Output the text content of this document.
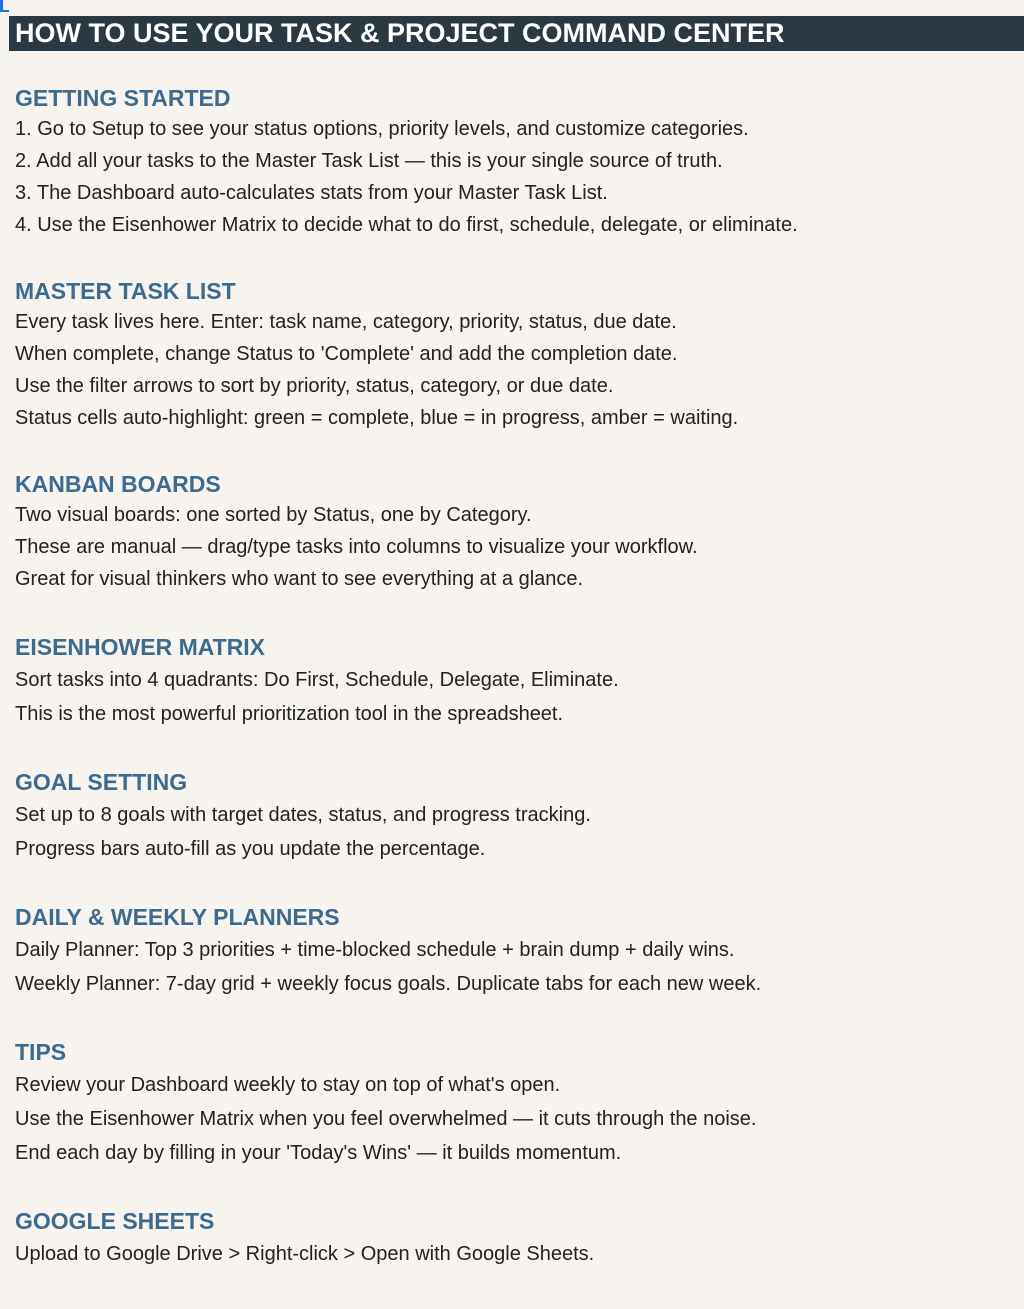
HOW TO USE YOUR TASK & PROJECT COMMAND CENTER
GETTING STARTED
1. Go to Setup to see your status options, priority levels, and customize categories.
2. Add all your tasks to the Master Task List — this is your single source of truth.
3. The Dashboard auto-calculates stats from your Master Task List.
4. Use the Eisenhower Matrix to decide what to do first, schedule, delegate, or eliminate.
MASTER TASK LIST
Every task lives here. Enter: task name, category, priority, status, due date.
When complete, change Status to 'Complete' and add the completion date.
Use the filter arrows to sort by priority, status, category, or due date.
Status cells auto-highlight: green = complete, blue = in progress, amber = waiting.
KANBAN BOARDS
Two visual boards: one sorted by Status, one by Category.
These are manual — drag/type tasks into columns to visualize your workflow.
Great for visual thinkers who want to see everything at a glance.
EISENHOWER MATRIX
Sort tasks into 4 quadrants: Do First, Schedule, Delegate, Eliminate.
This is the most powerful prioritization tool in the spreadsheet.
GOAL SETTING
Set up to 8 goals with target dates, status, and progress tracking.
Progress bars auto-fill as you update the percentage.
DAILY & WEEKLY PLANNERS
Daily Planner: Top 3 priorities + time-blocked schedule + brain dump + daily wins.
Weekly Planner: 7-day grid + weekly focus goals. Duplicate tabs for each new week.
TIPS
Review your Dashboard weekly to stay on top of what's open.
Use the Eisenhower Matrix when you feel overwhelmed — it cuts through the noise.
End each day by filling in your 'Today's Wins' — it builds momentum.
GOOGLE SHEETS
Upload to Google Drive > Right-click > Open with Google Sheets.
